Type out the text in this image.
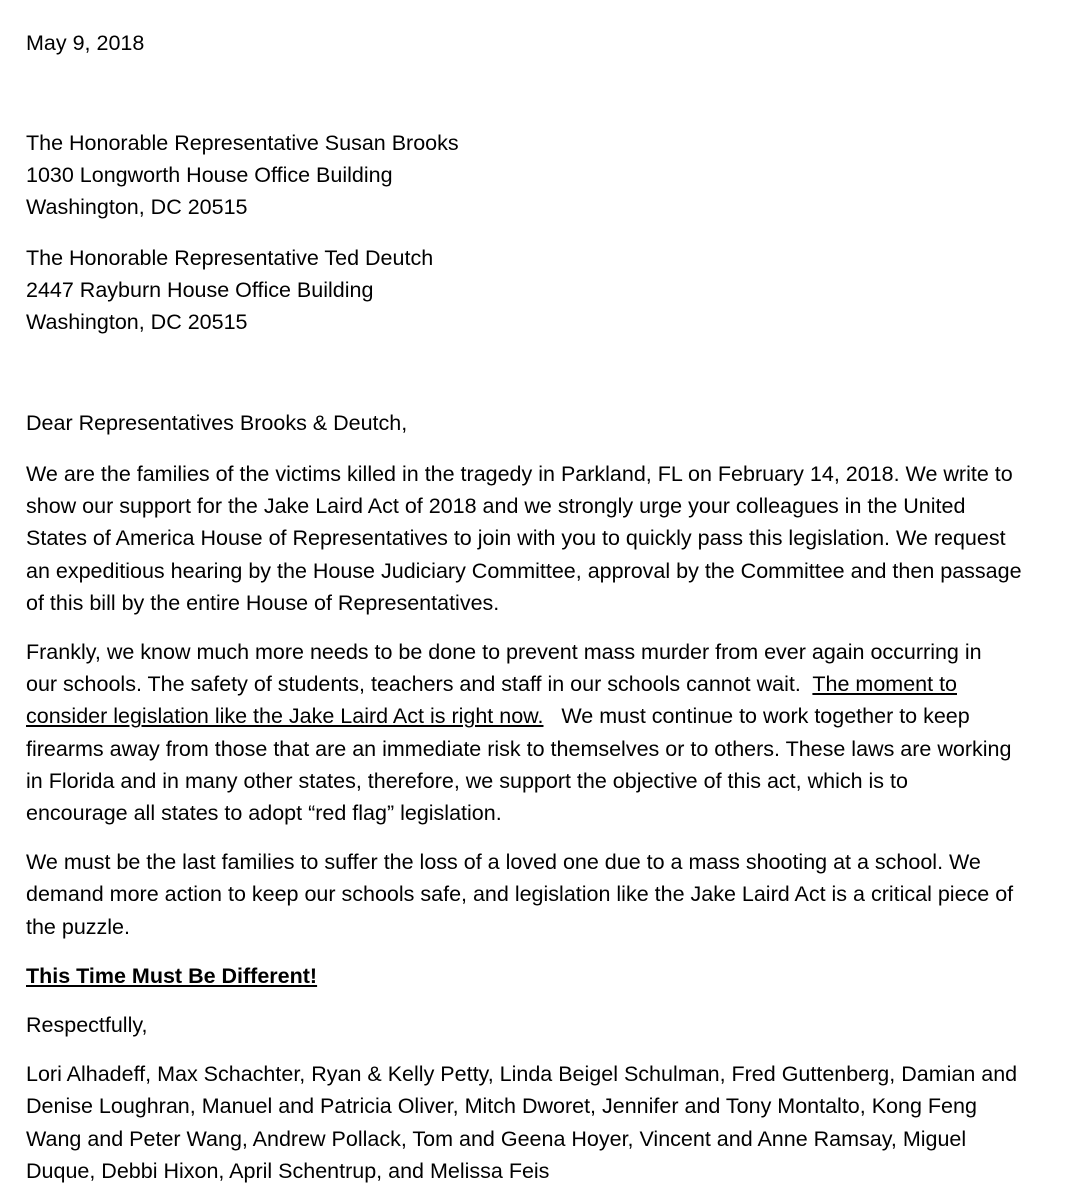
May 9, 2018
The Honorable Representative Susan Brooks
1030 Longworth House Office Building
Washington, DC 20515
The Honorable Representative Ted Deutch
2447 Rayburn House Office Building
Washington, DC 20515
Dear Representatives Brooks & Deutch,
We are the families of the victims killed in the tragedy in Parkland, FL on February 14, 2018. We write to
show our support for the Jake Laird Act of 2018 and we strongly urge your colleagues in the United
States of America House of Representatives to join with you to quickly pass this legislation. We request
an expeditious hearing by the House Judiciary Committee, approval by the Committee and then passage
of this bill by the entire House of Representatives.
Frankly, we know much more needs to be done to prevent mass murder from ever again occurring in
our schools. The safety of students, teachers and staff in our schools cannot wait.  The moment to
consider legislation like the Jake Laird Act is right now.   We must continue to work together to keep
firearms away from those that are an immediate risk to themselves or to others. These laws are working
in Florida and in many other states, therefore, we support the objective of this act, which is to
encourage all states to adopt “red flag” legislation.
We must be the last families to suffer the loss of a loved one due to a mass shooting at a school. We
demand more action to keep our schools safe, and legislation like the Jake Laird Act is a critical piece of
the puzzle.
This Time Must Be Different!
Respectfully,
Lori Alhadeff, Max Schachter, Ryan & Kelly Petty, Linda Beigel Schulman, Fred Guttenberg, Damian and
Denise Loughran, Manuel and Patricia Oliver, Mitch Dworet, Jennifer and Tony Montalto, Kong Feng
Wang and Peter Wang, Andrew Pollack, Tom and Geena Hoyer, Vincent and Anne Ramsay, Miguel
Duque, Debbi Hixon, April Schentrup, and Melissa Feis
